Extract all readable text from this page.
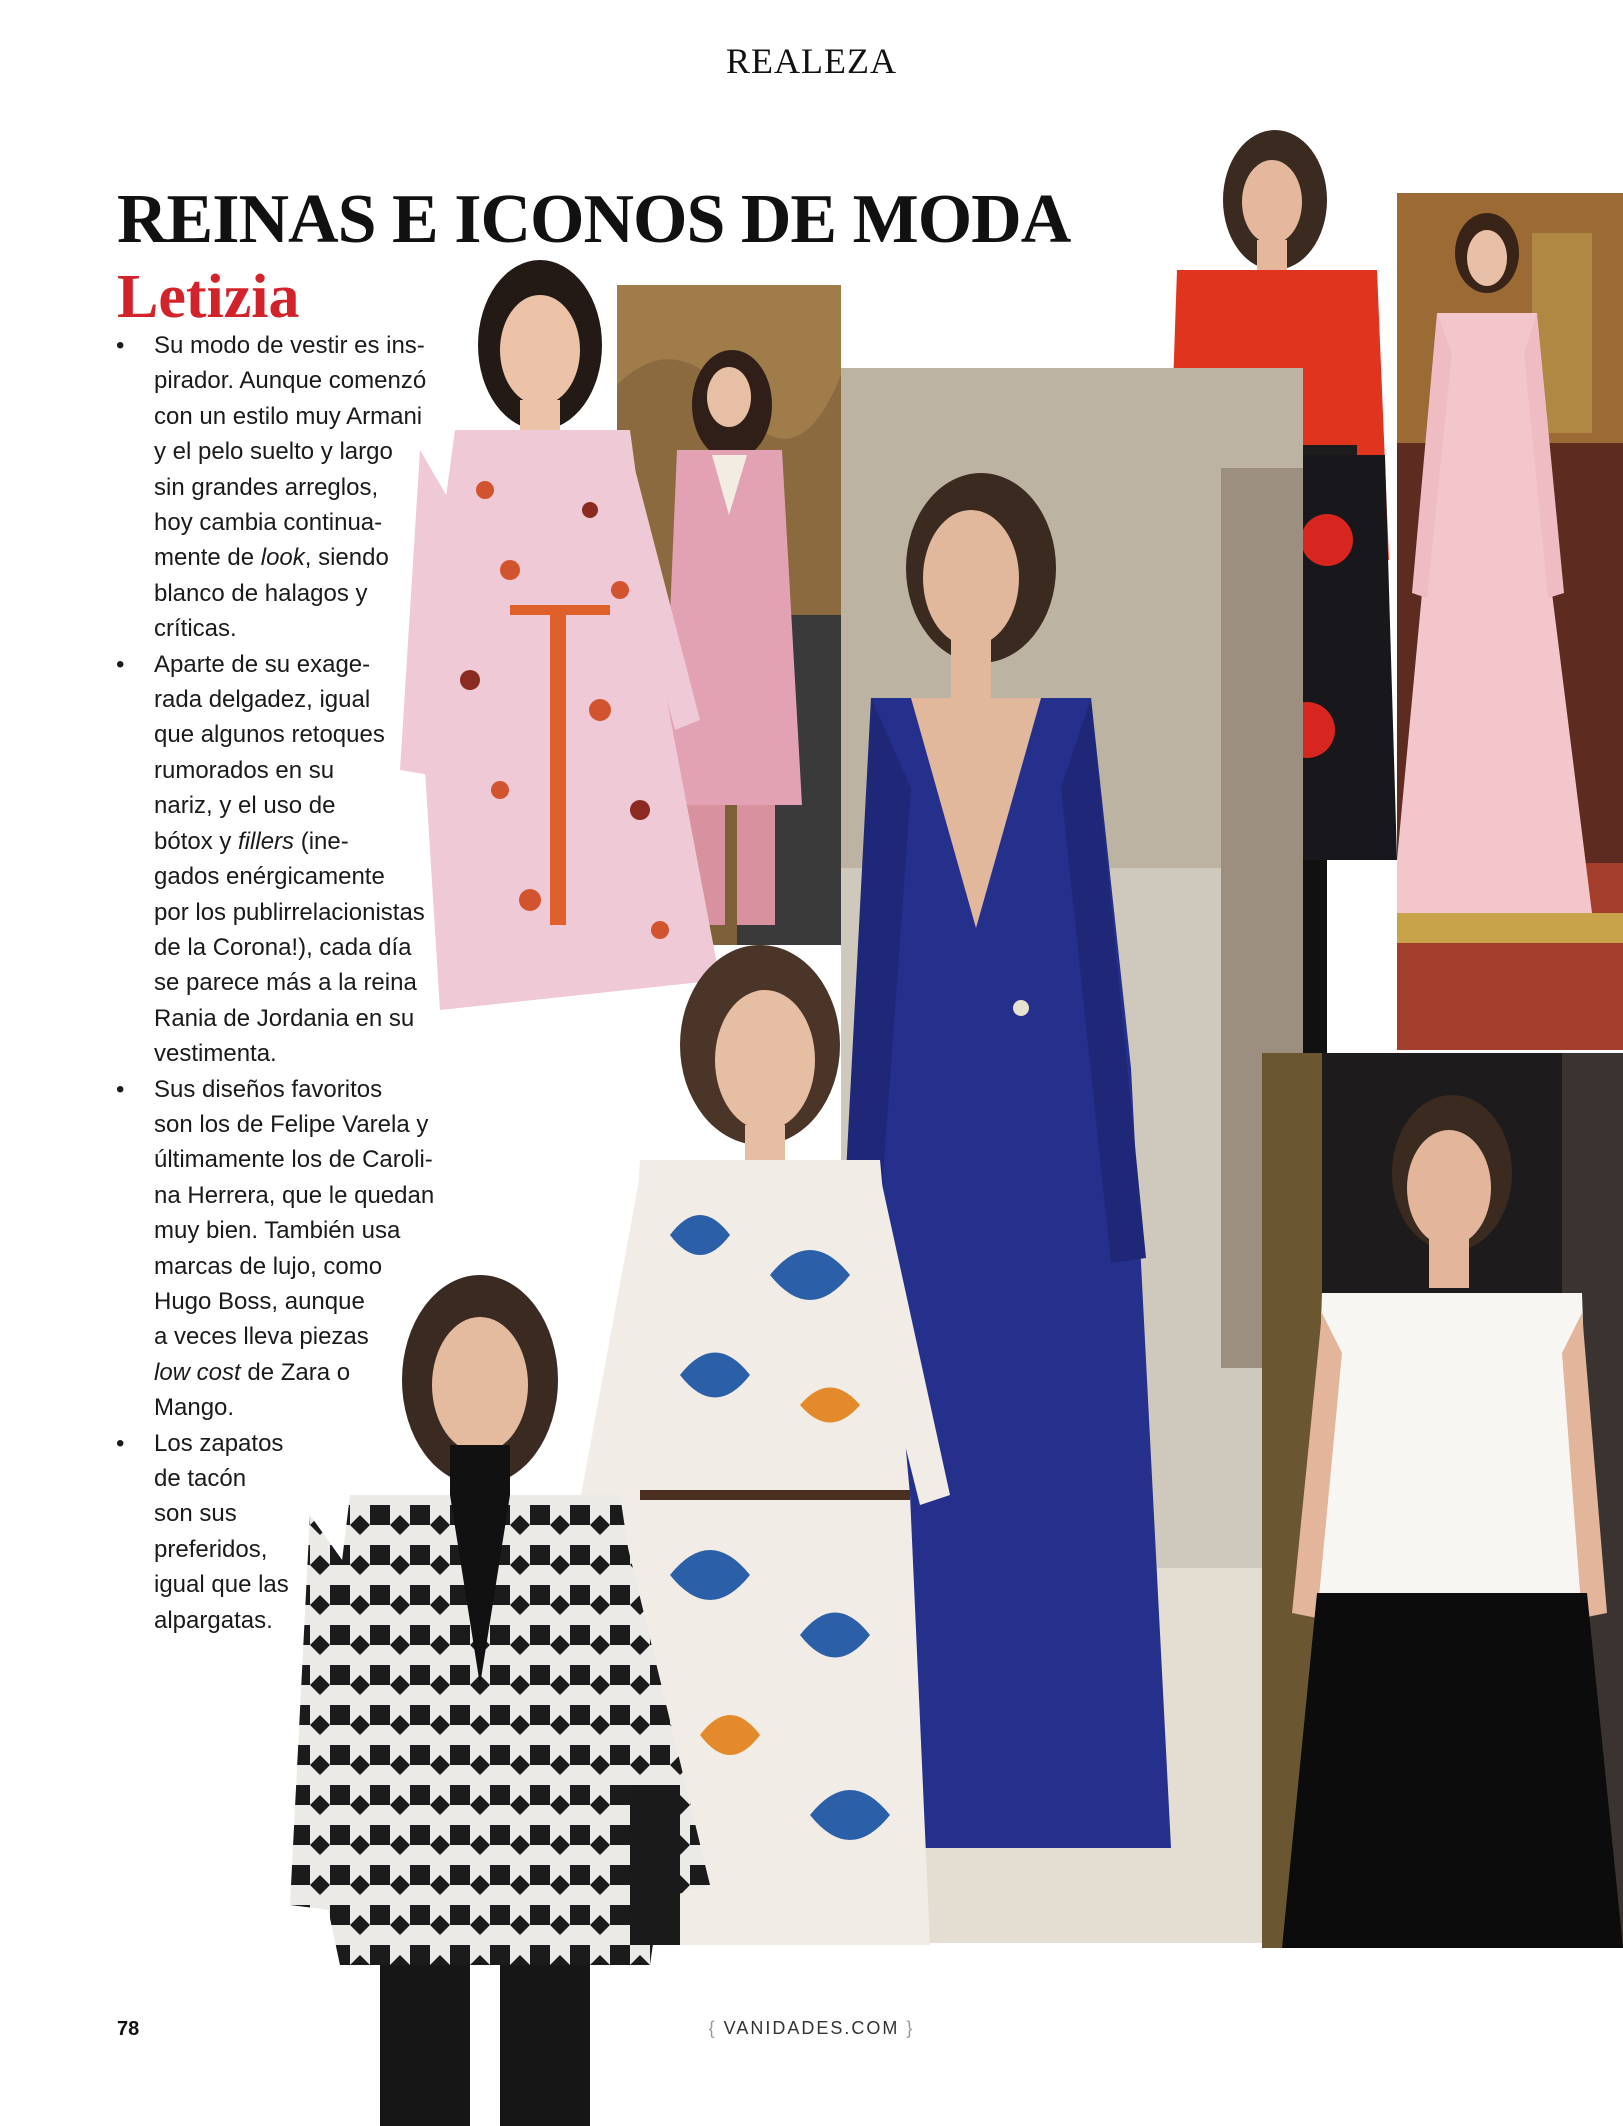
REALEZA
REINAS E ICONOS DE MODA
Letizia
• Su modo de vestir es ins-
pirador. Aunque comenzó
con un estilo muy Armani
y el pelo suelto y largo
sin grandes arreglos,
hoy cambia continua-
mente de look, siendo
blanco de halagos y
críticas.
• Aparte de su exage-
rada delgadez, igual
que algunos retoques
rumorados en su
nariz, y el uso de
bótox y fillers (ine-
gados enérgicamente
por los publirrelacionistas
de la Corona!), cada día
se parece más a la reina
Rania de Jordania en su
vestimenta.
• Sus diseños favoritos
son los de Felipe Varela y
últimamente los de Caroli-
na Herrera, que le quedan
muy bien. También usa
marcas de lujo, como
Hugo Boss, aunque
a veces lleva piezas
low cost de Zara o
Mango.
• Los zapatos
de tacón
son sus
preferidos,
igual que las
alpargatas.
78	{ VANIDADES.COM }
